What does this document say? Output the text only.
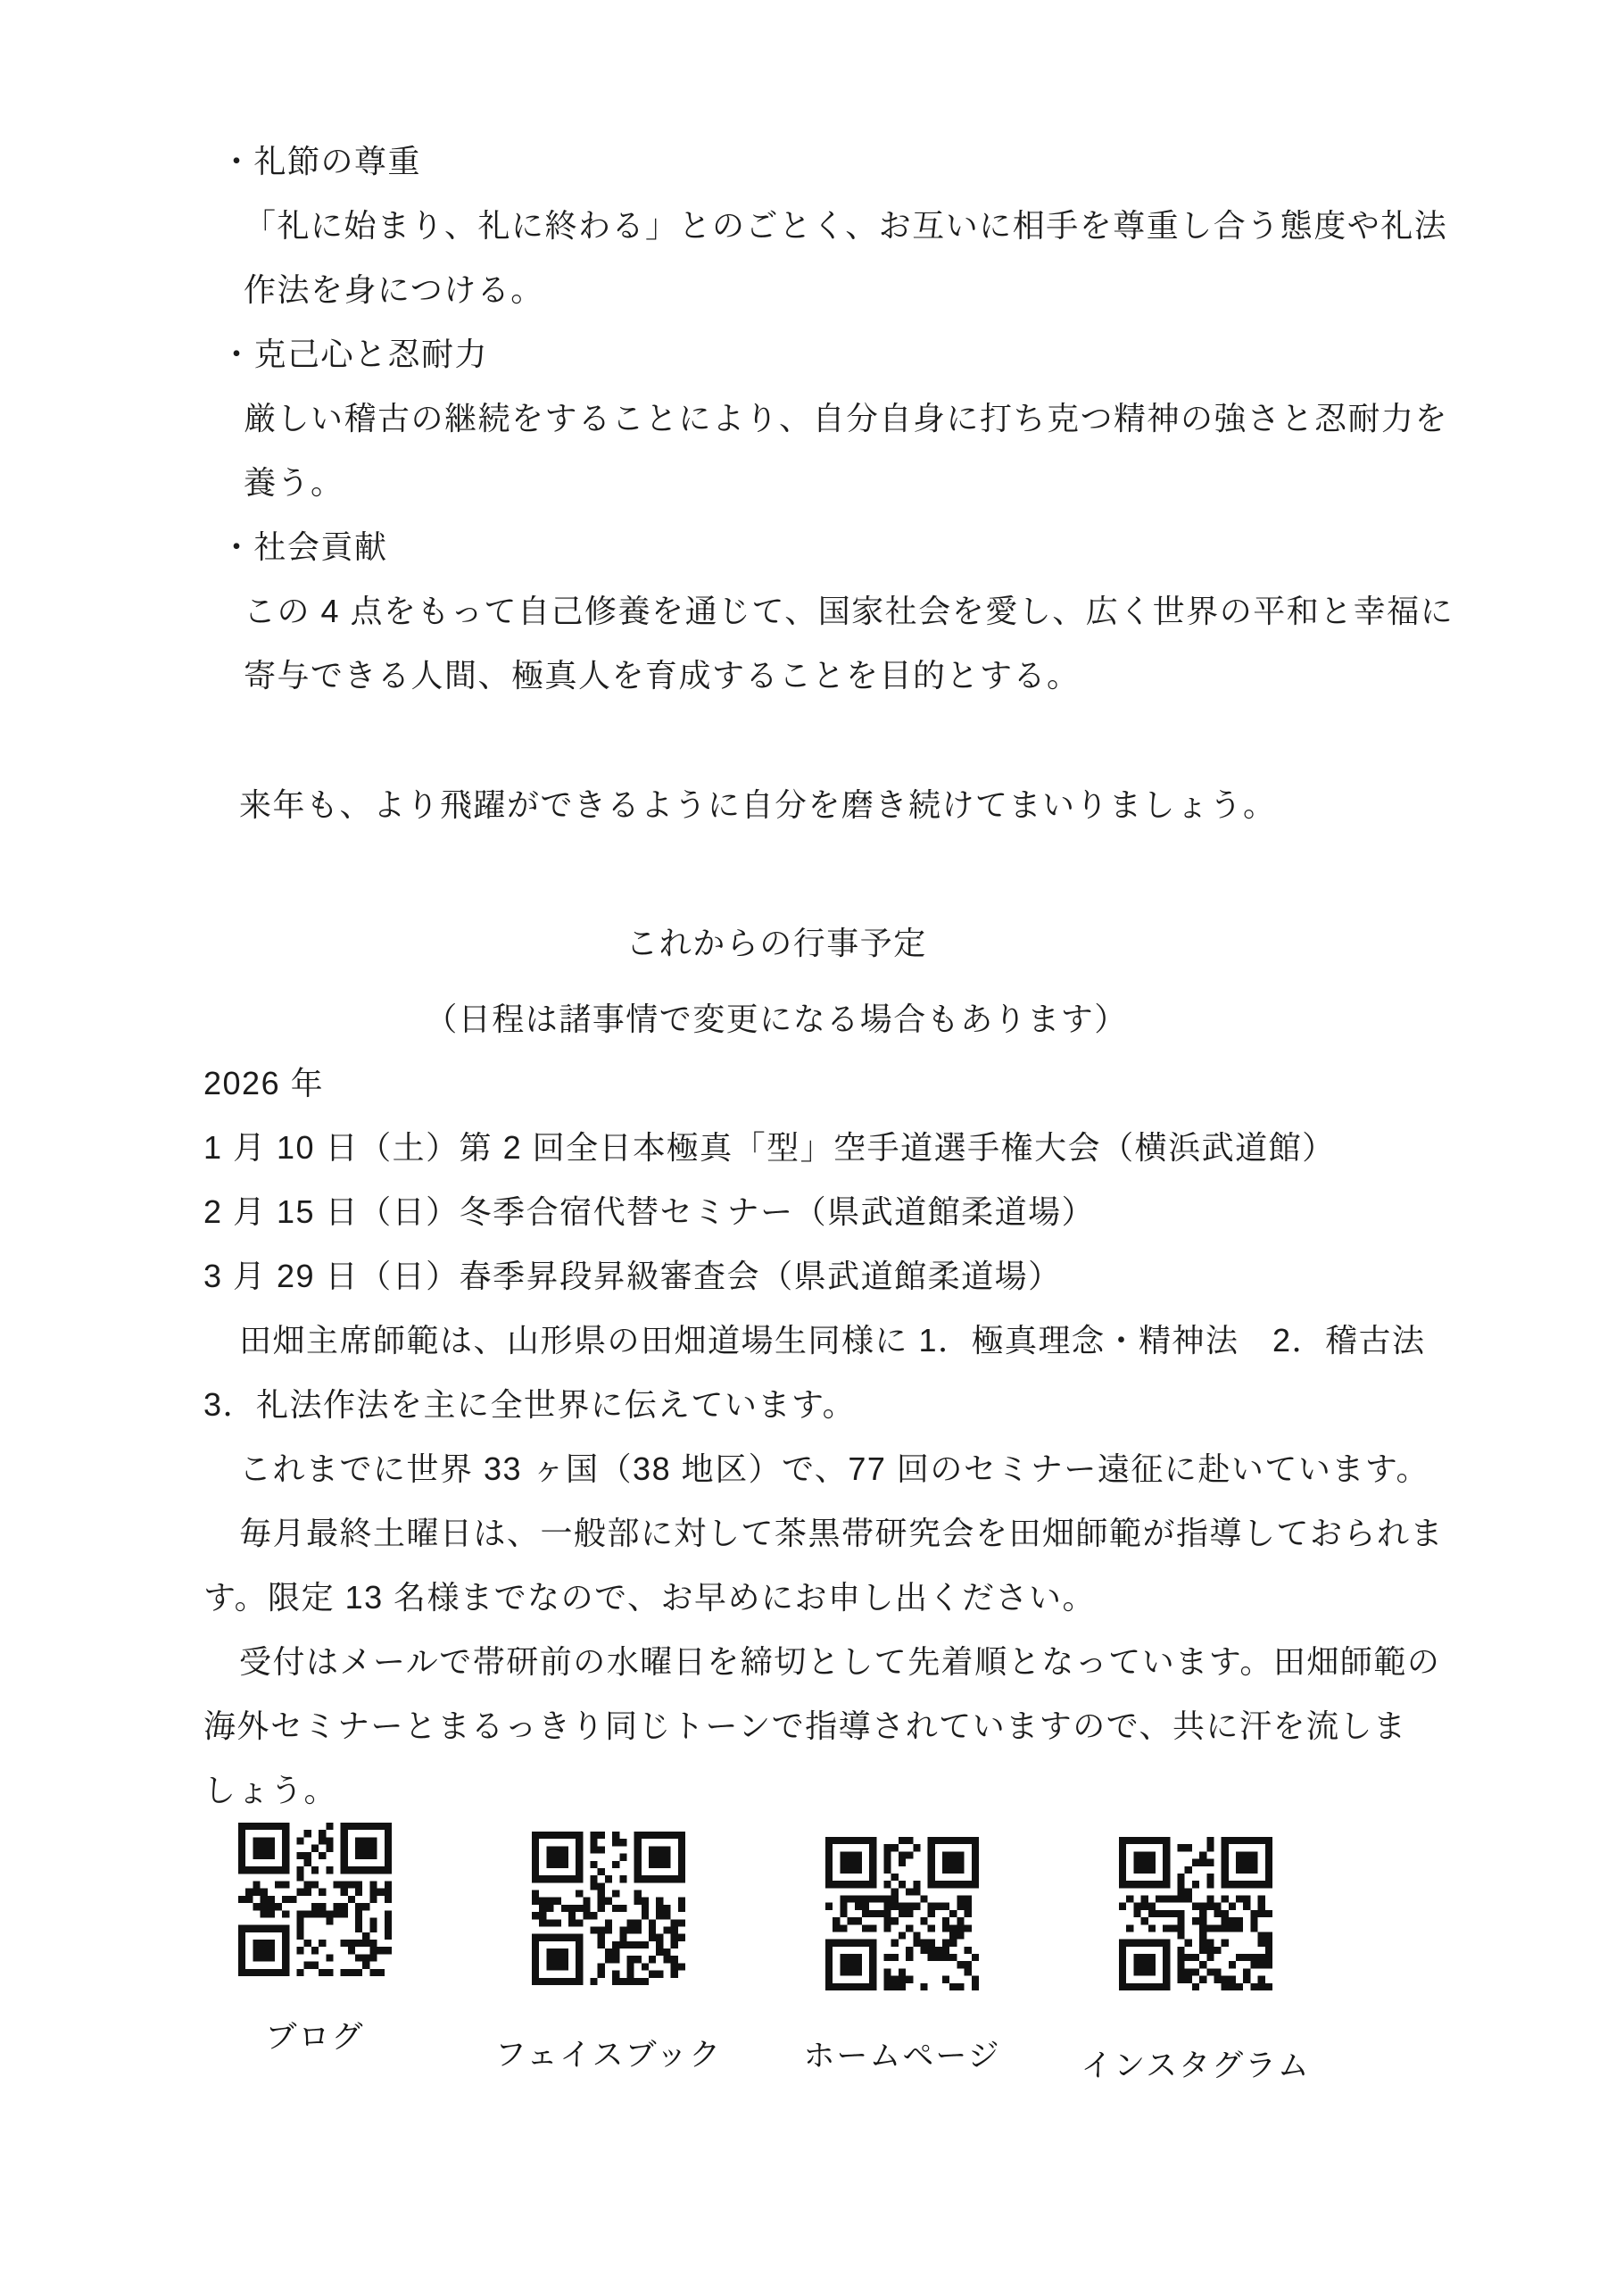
・礼節の尊重
「礼に始まり、礼に終わる」とのごとく、お互いに相手を尊重し合う態度や礼法
作法を身につける。
・克己心と忍耐力
厳しい稽古の継続をすることにより、自分自身に打ち克つ精神の強さと忍耐力を
養う。
・社会貢献
この 4 点をもって自己修養を通じて、国家社会を愛し、広く世界の平和と幸福に
寄与できる人間、極真人を育成することを目的とする。
来年も、より飛躍ができるように自分を磨き続けてまいりましょう。
これからの行事予定
（日程は諸事情で変更になる場合もあります）
2026 年
1 月 10 日（土）第 2 回全日本極真「型」空手道選手権大会（横浜武道館）
2 月 15 日（日）冬季合宿代替セミナー（県武道館柔道場）
3 月 29 日（日）春季昇段昇級審査会（県武道館柔道場）
田畑主席師範は、山形県の田畑道場生同様に 1．極真理念・精神法　2．稽古法
3．礼法作法を主に全世界に伝えています。
これまでに世界 33 ヶ国（38 地区）で、77 回のセミナー遠征に赴いています。
毎月最終土曜日は、一般部に対して茶黒帯研究会を田畑師範が指導しておられま
す。限定 13 名様までなので、お早めにお申し出ください。
受付はメールで帯研前の水曜日を締切として先着順となっています。田畑師範の
海外セミナーとまるっきり同じトーンで指導されていますので、共に汗を流しま
しょう。
ブログ
フェイスブック	ホームページ	インスタグラム
